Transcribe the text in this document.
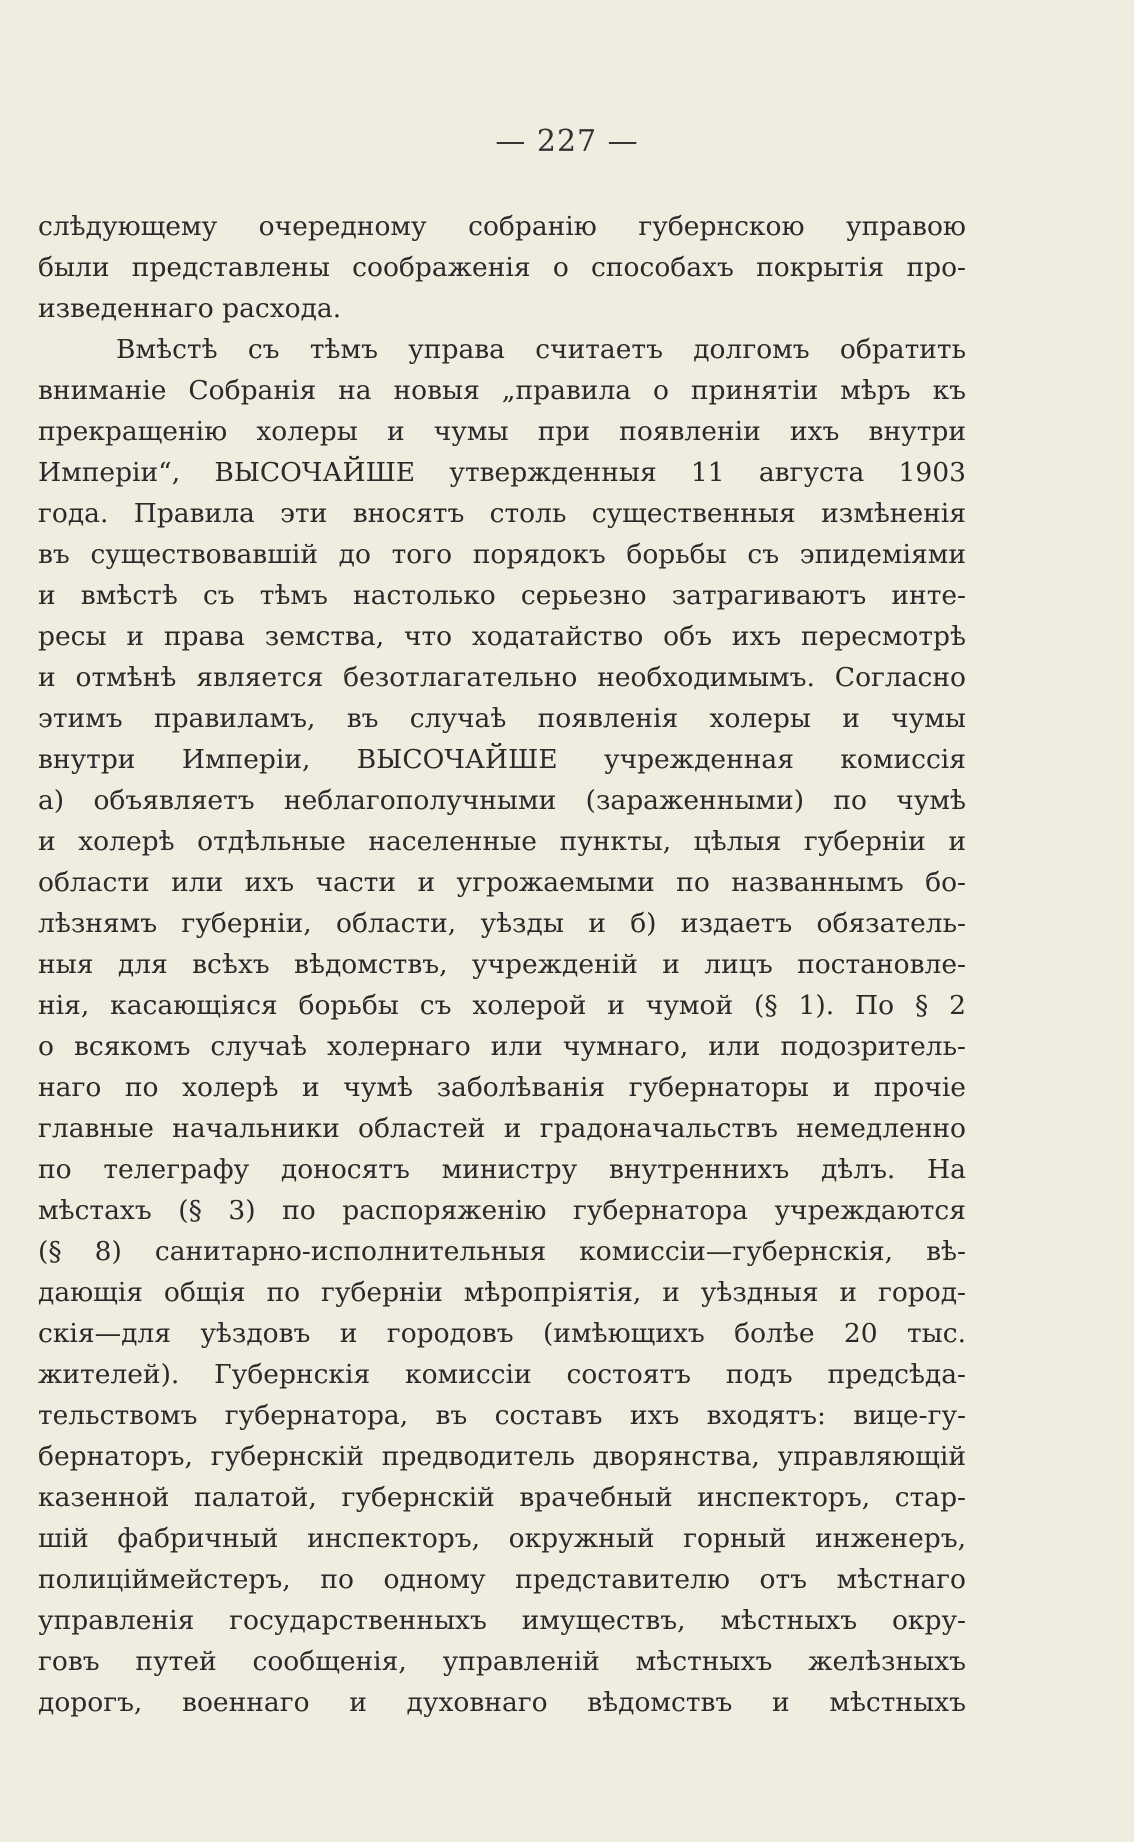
— 227 —
слѣдующему очередному собранію губернскою управою
были представлены соображенія о способахъ покрытія про-
изведеннаго расхода.
Вмѣстѣ съ тѣмъ управа считаетъ долгомъ обратить
вниманіе Собранія на новыя „правила о принятіи мѣръ къ
прекращенію холеры и чумы при появленіи ихъ внутри
Имперіи“, ВЫСОЧАЙШЕ утвержденныя 11 августа 1903
года. Правила эти вносятъ столь существенныя измѣненія
въ существовавшій до того порядокъ борьбы съ эпидеміями
и вмѣстѣ съ тѣмъ настолько серьезно затрагиваютъ инте-
ресы и права земства, что ходатайство объ ихъ пересмотрѣ
и отмѣнѣ является безотлагательно необходимымъ. Согласно
этимъ правиламъ, въ случаѣ появленія холеры и чумы
внутри Имперіи, ВЫСОЧАЙШЕ учрежденная комиссія
а) объявляетъ неблагополучными (зараженными) по чумѣ
и холерѣ отдѣльные населенные пункты, цѣлыя губерніи и
области или ихъ части и угрожаемыми по названнымъ бо-
лѣзнямъ губерніи, области, уѣзды и б) издаетъ обязатель-
ныя для всѣхъ вѣдомствъ, учрежденій и лицъ постановле-
нія, касающіяся борьбы съ холерой и чумой (§ 1). По § 2
о всякомъ случаѣ холернаго или чумнаго, или подозритель-
наго по холерѣ и чумѣ заболѣванія губернаторы и прочіе
главные начальники областей и градоначальствъ немедленно
по телеграфу доносятъ министру внутреннихъ дѣлъ. На
мѣстахъ (§ 3) по распоряженію губернатора учреждаются
(§ 8) санитарно-исполнительныя комиссіи—губернскія, вѣ-
дающія общія по губерніи мѣропріятія, и уѣздныя и город-
скія—для уѣздовъ и городовъ (имѣющихъ болѣе 20 тыс.
жителей). Губернскія комиссіи состоятъ подъ предсѣда-
тельствомъ губернатора, въ составъ ихъ входятъ: вице-гу-
бернаторъ, губернскій предводитель дворянства, управляющій
казенной палатой, губернскій врачебный инспекторъ, стар-
шій фабричный инспекторъ, окружный горный инженеръ,
полиціймейстеръ, по одному представителю отъ мѣстнаго
управленія государственныхъ имуществъ, мѣстныхъ окру-
говъ путей сообщенія, управленій мѣстныхъ желѣзныхъ
дорогъ, военнаго и духовнаго вѣдомствъ и мѣстныхъ
